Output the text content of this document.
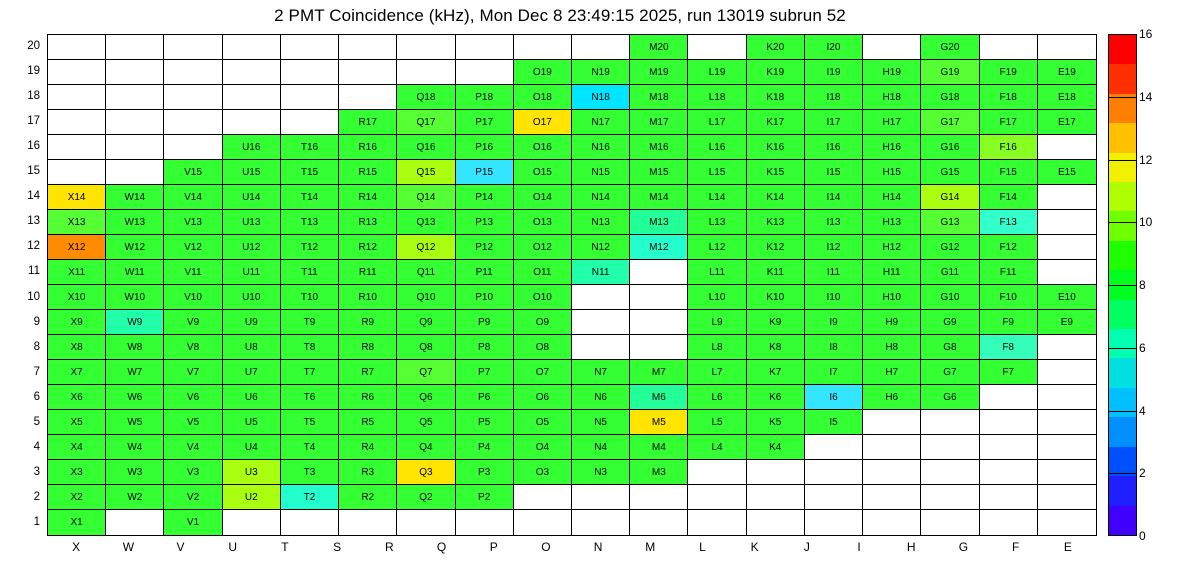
2 PMT Coincidence (kHz), Mon Dec 8 23:49:15 2025, run 13019 subrun 52
M20	K20	I20	G20
O19	N19	M19	L19	K19	I19	H19	G19	F19	E19
Q18	P18	O18	N18	M18	L18	K18	I18	H18	G18	F18	E18
R17	Q17	P17	O17	N17	M17	L17	K17	I17	H17	G17	F17	E17
U16	T16	R16	Q16	P16	O16	N16	M16	L16	K16	I16	H16	G16	F16
V15	U15	T15	R15	Q15	P15	O15	N15	M15	L15	K15	I15	H15	G15	F15	E15
X14	W14	V14	U14	T14	R14	Q14	P14	O14	N14	M14	L14	K14	I14	H14	G14	F14
X13	W13	V13	U13	T13	R13	Q13	P13	O13	N13	M13	L13	K13	I13	H13	G13	F13
X12	W12	V12	U12	T12	R12	Q12	P12	O12	N12	M12	L12	K12	I12	H12	G12	F12
X11	W11	V11	U11	T11	R11	Q11	P11	O11	N11	L11	K11	I11	H11	G11	F11
X10	W10	V10	U10	T10	R10	Q10	P10	O10	L10	K10	I10	H10	G10	F10	E10
X9	W9	V9	U9	T9	R9	Q9	P9	O9	L9	K9	I9	H9	G9	F9	E9
X8	W8	V8	U8	T8	R8	Q8	P8	O8	L8	K8	I8	H8	G8	F8
X7	W7	V7	U7	T7	R7	Q7	P7	O7	N7	M7	L7	K7	I7	H7	G7	F7
X6	W6	V6	U6	T6	R6	Q6	P6	O6	N6	M6	L6	K6	I6	H6	G6
X5	W5	V5	U5	T5	R5	Q5	P5	O5	N5	M5	L5	K5	I5
X4	W4	V4	U4	T4	R4	Q4	P4	O4	N4	M4	L4	K4
X3	W3	V3	U3	T3	R3	Q3	P3	O3	N3	M3
X2	W2	V2	U2	T2	R2	Q2	P2
X1	V1
20
19
18
17
16
15
14
13
12
11
10
9
8
7
6
5
4
3
2
1
X	W	V	U	T	S	R	Q	P	O	N	M	L	K	J	I	H	G	F	E
0
2
4
6
8
10
12
14
16
